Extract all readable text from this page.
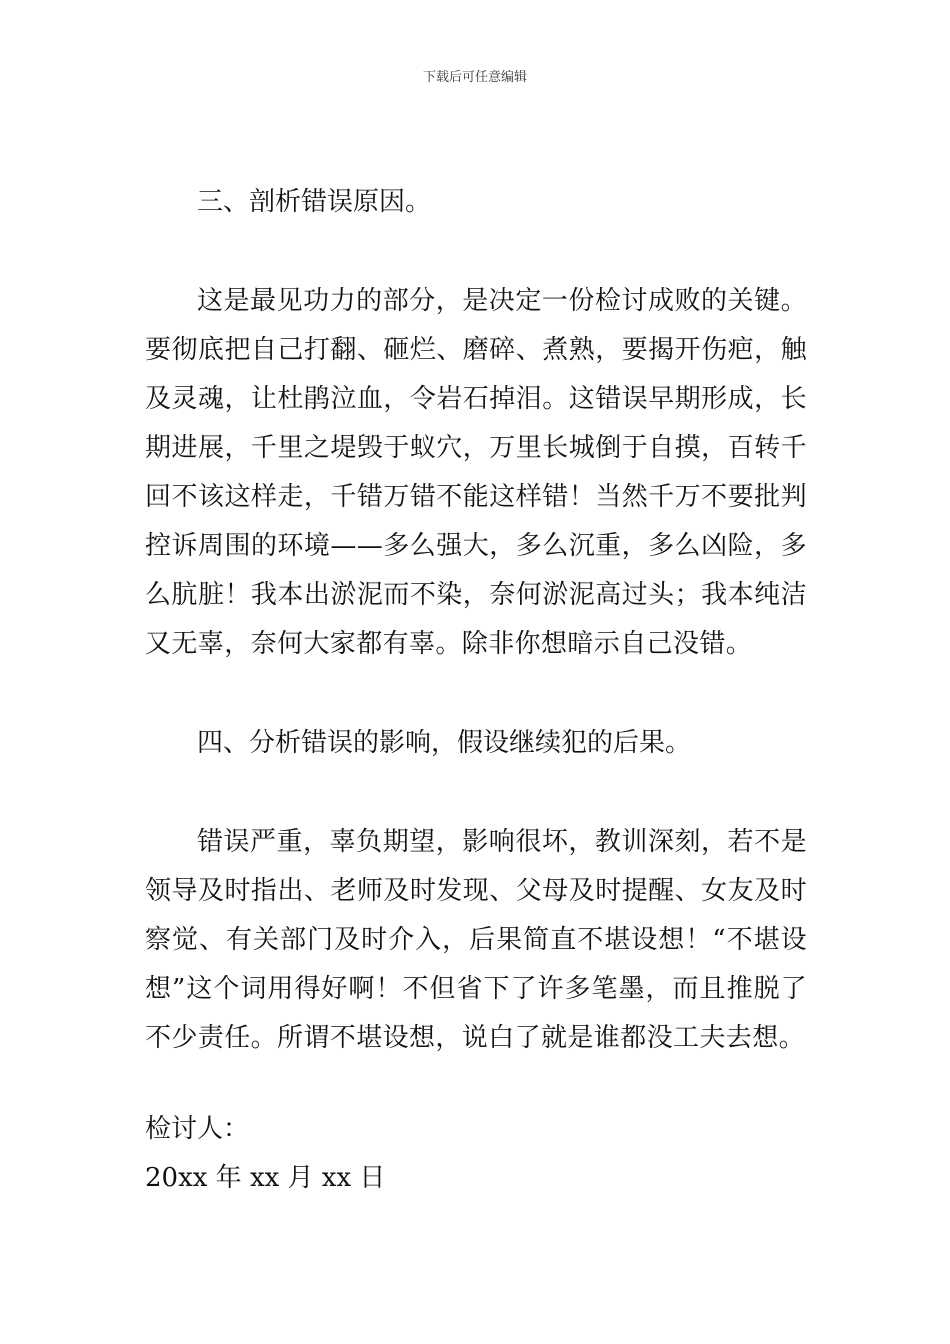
下载后可任意编辑
三、剖析错误原因。

这是最见功力的部分，是决定一份检讨成败的关键。要彻底把自己打翻、砸烂、磨碎、煮熟，要揭开伤疤，触及灵魂，让杜鹃泣血，令岩石掉泪。这错误早期形成，长期进展，千里之堤毁于蚁穴，万里长城倒于自摸，百转千回不该这样走，千错万错不能这样错！当然千万不要批判控诉周围的环境——多么强大，多么沉重，多么凶险，多么肮脏！我本出淤泥而不染，奈何淤泥高过头；我本纯洁又无辜，奈何大家都有辜。除非你想暗示自己没错。

四、分析错误的影响，假设继续犯的后果。

错误严重，辜负期望，影响很坏，教训深刻，若不是领导及时指出、老师及时发现、父母及时提醒、女友及时察觉、有关部门及时介入，后果简直不堪设想！“不堪设想”这个词用得好啊！不但省下了许多笔墨，而且推脱了不少责任。所谓不堪设想，说白了就是谁都没工夫去想。

检讨人：

20xx 年 xx 月 xx 日
